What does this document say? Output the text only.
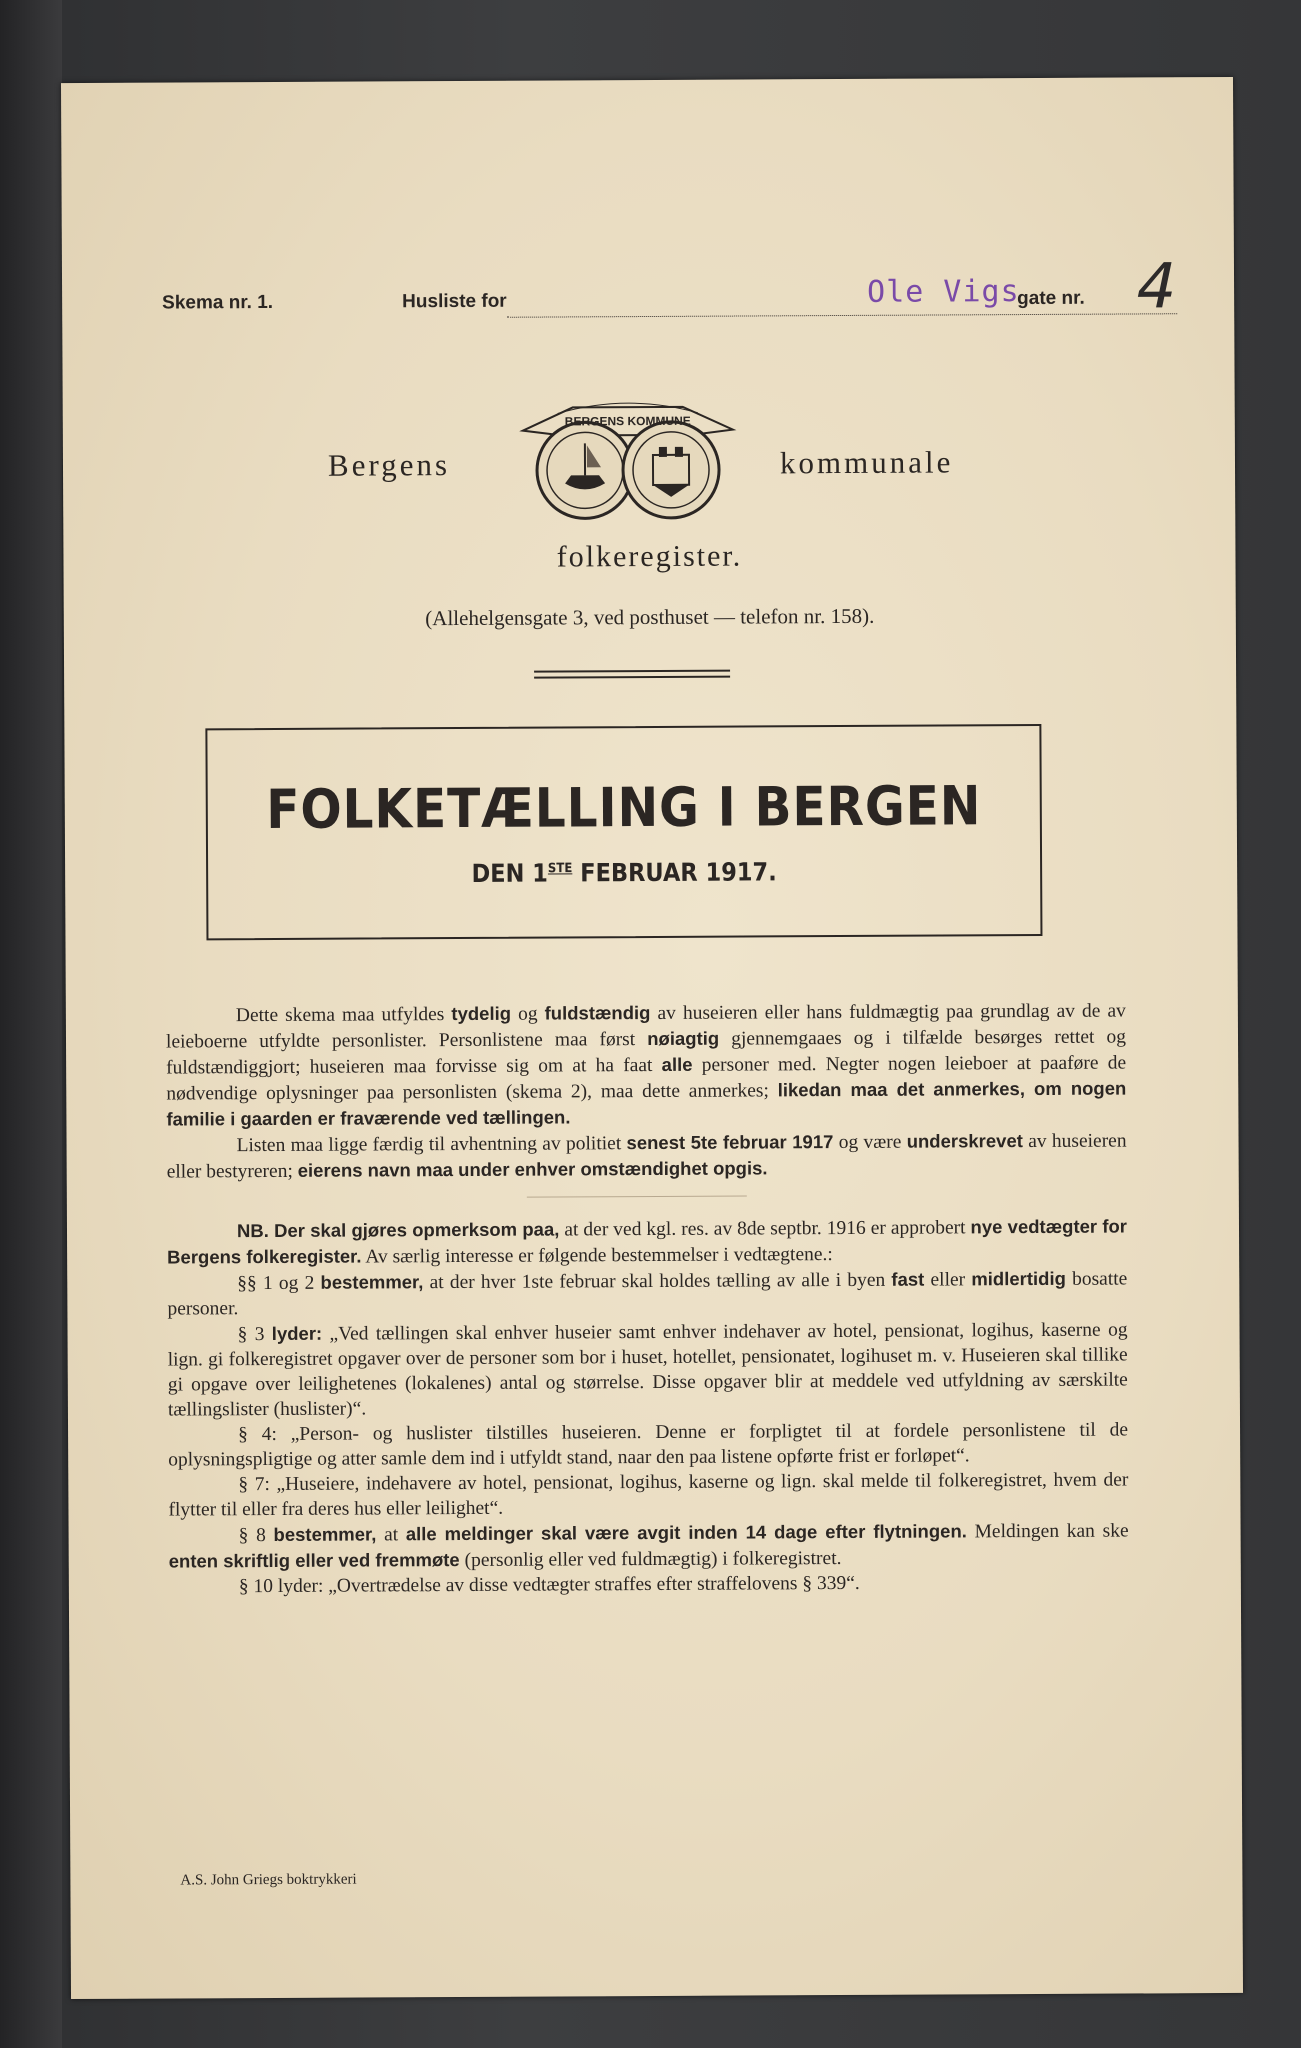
Skema nr. 1.	Husliste for	Ole Vigs
gate nr. 4
Bergens	kommunale
BERGENS KOMMUNE
folkeregister.
(Allehelgensgate 3, ved posthuset — telefon nr. 158).
FOLKETÆLLING I BERGEN
DEN 1STE FEBRUAR 1917.

Dette skema maa utfyldes tydelig og fuldstændig av huseieren eller hans fuldmægtig paa grundlag av de av leieboerne utfyldte personlister. Personlistene maa først nøiagtig gjennemgaaes og i tilfælde besørges rettet og fuldstændiggjort; huseieren maa forvisse sig om at ha faat alle personer med. Negter nogen leieboer at paaføre de nødvendige oplysninger paa personlisten (skema 2), maa dette anmerkes; likedan maa det anmerkes, om nogen familie i gaarden er fraværende ved tællingen.

Listen maa ligge færdig til avhentning av politiet senest 5te februar 1917 og være underskrevet av huseieren eller bestyreren; eierens navn maa under enhver omstændighet opgis.

NB. Der skal gjøres opmerksom paa, at der ved kgl. res. av 8de septbr. 1916 er approbert nye vedtægter for Bergens folkeregister. Av særlig interesse er følgende bestemmelser i vedtægtene.:

§§ 1 og 2 bestemmer, at der hver 1ste februar skal holdes tælling av alle i byen fast eller midlertidig bosatte personer.

§ 3 lyder: „Ved tællingen skal enhver huseier samt enhver indehaver av hotel, pensionat, logihus, kaserne og lign. gi folkeregistret opgaver over de personer som bor i huset, hotellet, pensionatet, logihuset m. v. Huseieren skal tillike gi opgave over leilighetenes (lokalenes) antal og størrelse. Disse opgaver blir at meddele ved utfyldning av særskilte tællingslister (huslister)“.

§ 4: „Person- og huslister tilstilles huseieren. Denne er forpligtet til at fordele personlistene til de oplysningspligtige og atter samle dem ind i utfyldt stand, naar den paa listene opførte frist er forløpet“.

§ 7: „Huseiere, indehavere av hotel, pensionat, logihus, kaserne og lign. skal melde til folkeregistret, hvem der flytter til eller fra deres hus eller leilighet“.

§ 8 bestemmer, at alle meldinger skal være avgit inden 14 dage efter flytningen. Meldingen kan ske enten skriftlig eller ved fremmøte (personlig eller ved fuldmægtig) i folkeregistret.

§ 10 lyder: „Overtrædelse av disse vedtægter straffes efter straffelovens § 339“.

A.S. John Griegs boktrykkeri
